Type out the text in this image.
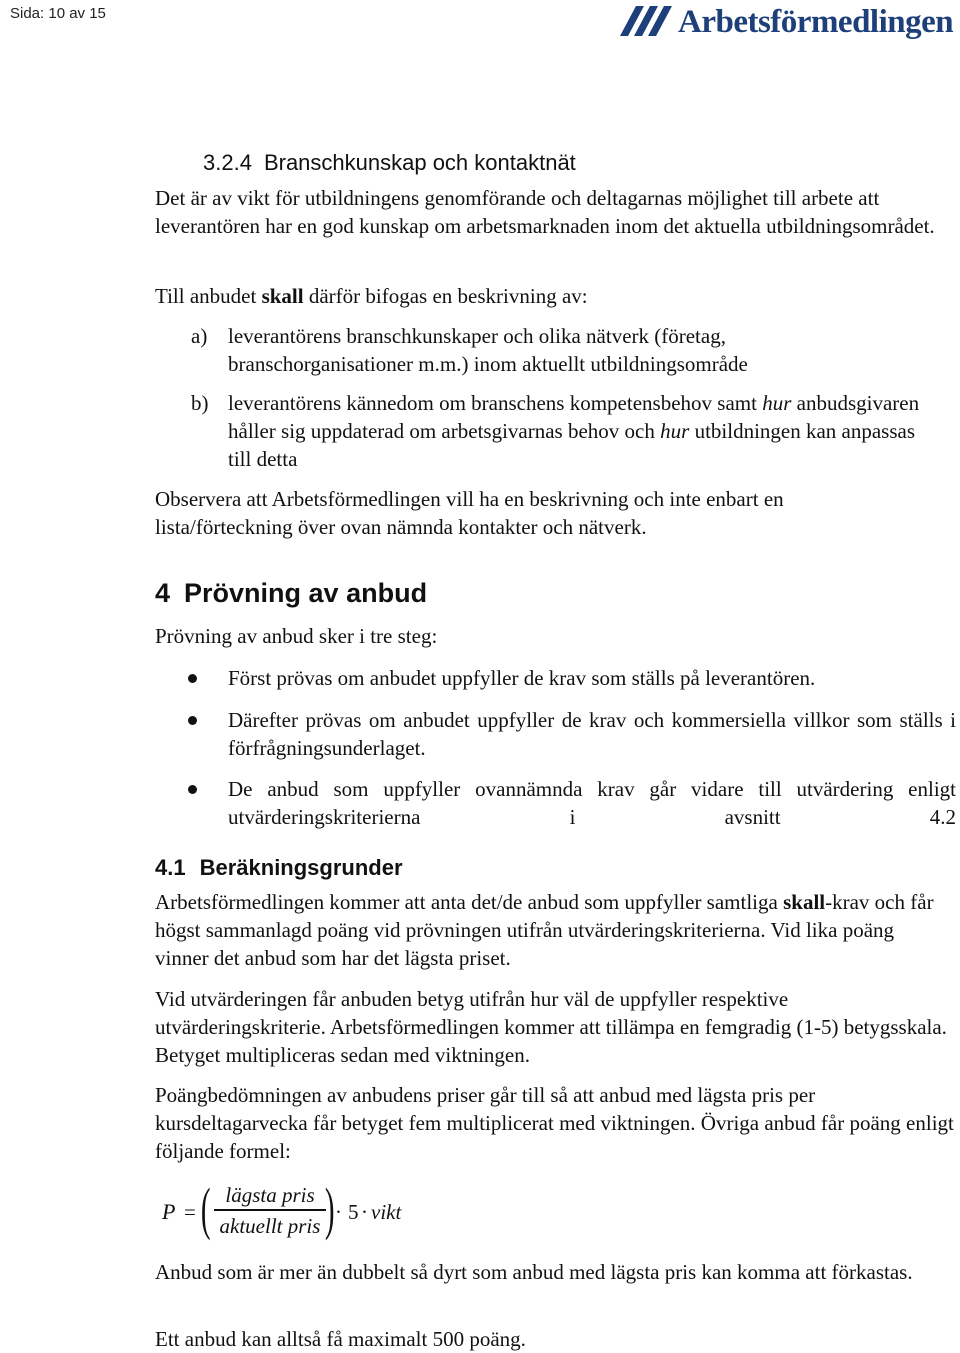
Sida: 10 av 15	Arbetsförmedlingen
3.2.4 Branschkunskap och kontaktnät
Det är av vikt för utbildningens genomförande och deltagarnas möjlighet till arbete att leverantören har en god kunskap om arbetsmarknaden inom det aktuella utbildningsområdet.
Till anbudet skall därför bifogas en beskrivning av:
a) leverantörens branschkunskaper och olika nätverk (företag, branschorganisationer m.m.) inom aktuellt utbildningsområde
b) leverantörens kännedom om branschens kompetensbehov samt hur anbudsgivaren håller sig uppdaterad om arbetsgivarnas behov och hur utbildningen kan anpassas till detta
Observera att Arbetsförmedlingen vill ha en beskrivning och inte enbart en lista/förteckning över ovan nämnda kontakter och nätverk.
4 Prövning av anbud
Prövning av anbud sker i tre steg:
Först prövas om anbudet uppfyller de krav som ställs på leverantören.
Därefter prövas om anbudet uppfyller de krav och kommersiella villkor som ställs i förfrågningsunderlaget.
De anbud som uppfyller ovannämnda krav går vidare till utvärdering enligt utvärderingskriterierna i avsnitt 4.2
4.1 Beräkningsgrunder
Arbetsförmedlingen kommer att anta det/de anbud som uppfyller samtliga skall-krav och får högst sammanlagd poäng vid prövningen utifrån utvärderingskriterierna. Vid lika poäng vinner det anbud som har det lägsta priset.
Vid utvärderingen får anbuden betyg utifrån hur väl de uppfyller respektive utvärderingskriterie. Arbetsförmedlingen kommer att tillämpa en femgradig (1-5) betygsskala. Betyget multipliceras sedan med viktningen.
Poängbedömningen av anbudens priser går till så att anbud med lägsta pris per kursdeltagarvecka får betyget fem multiplicerat med viktningen. Övriga anbud får poäng enligt följande formel:
P = ( lägsta pris
aktuellt pris ) · 5 · vikt
Anbud som är mer än dubbelt så dyrt som anbud med lägsta pris kan komma att förkastas.
Ett anbud kan alltså få maximalt 500 poäng.
